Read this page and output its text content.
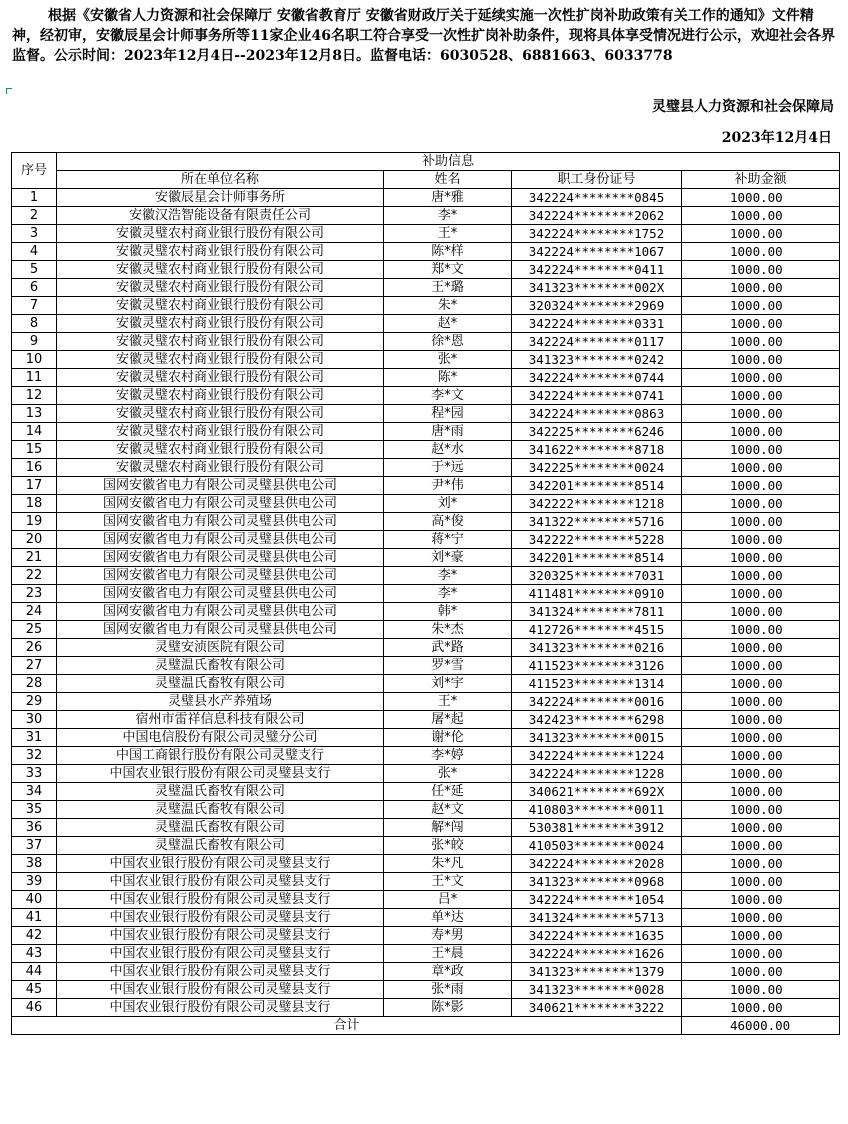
根据《安徽省人力资源和社会保障厅 安徽省教育厅 安徽省财政厅关于延续实施一次性扩岗补助政策有关工作的通知》文件精神，经初审，安徽辰星会计师事务所等11家企业46名职工符合享受一次性扩岗补助条件，现将具体享受情况进行公示，欢迎社会各界监督。公示时间：2023年12月4日--2023年12月8日。监督电话：6030528、6881663、6033778
灵璧县人力资源和社会保障局
2023年12月4日
序号	补助信息			
	所在单位名称	姓名	职工身份证号	补助金额
1	安徽辰星会计师事务所	唐*雅	342224********0845	1000.00
2	安徽汉浩智能设备有限责任公司	李*	342224********2062	1000.00
3	安徽灵璧农村商业银行股份有限公司	王*	342224********1752	1000.00
4	安徽灵璧农村商业银行股份有限公司	陈*样	342224********1067	1000.00
5	安徽灵璧农村商业银行股份有限公司	郑*文	342224********0411	1000.00
6	安徽灵璧农村商业银行股份有限公司	王*璐	341323********002X	1000.00
7	安徽灵璧农村商业银行股份有限公司	朱*	320324********2969	1000.00
8	安徽灵璧农村商业银行股份有限公司	赵*	342224********0331	1000.00
9	安徽灵璧农村商业银行股份有限公司	徐*恩	342224********0117	1000.00
10	安徽灵璧农村商业银行股份有限公司	张*	341323********0242	1000.00
11	安徽灵璧农村商业银行股份有限公司	陈*	342224********0744	1000.00
12	安徽灵璧农村商业银行股份有限公司	李*文	342224********0741	1000.00
13	安徽灵璧农村商业银行股份有限公司	程*园	342224********0863	1000.00
14	安徽灵璧农村商业银行股份有限公司	唐*雨	342225********6246	1000.00
15	安徽灵璧农村商业银行股份有限公司	赵*水	341622********8718	1000.00
16	安徽灵璧农村商业银行股份有限公司	于*远	342225********0024	1000.00
17	国网安徽省电力有限公司灵璧县供电公司	尹*伟	342201********8514	1000.00
18	国网安徽省电力有限公司灵璧县供电公司	刘*	342222********1218	1000.00
19	国网安徽省电力有限公司灵璧县供电公司	高*俊	341322********5716	1000.00
20	国网安徽省电力有限公司灵璧县供电公司	蒋*宁	342222********5228	1000.00
21	国网安徽省电力有限公司灵璧县供电公司	刘*豪	342201********8514	1000.00
22	国网安徽省电力有限公司灵璧县供电公司	李*	320325********7031	1000.00
23	国网安徽省电力有限公司灵璧县供电公司	李*	411481********0910	1000.00
24	国网安徽省电力有限公司灵璧县供电公司	韩*	341324********7811	1000.00
25	国网安徽省电力有限公司灵璧县供电公司	朱*杰	412726********4515	1000.00
26	灵璧安浈医院有限公司	武*路	341323********0216	1000.00
27	灵璧温氏畜牧有限公司	罗*雪	411523********3126	1000.00
28	灵璧温氏畜牧有限公司	刘*宇	411523********1314	1000.00
29	灵璧县水产养殖场	王*	342224********0016	1000.00
30	宿州市雷祥信息科技有限公司	屠*起	342423********6298	1000.00
31	中国电信股份有限公司灵璧分公司	谢*伦	341323********0015	1000.00
32	中国工商银行股份有限公司灵璧支行	李*婷	342224********1224	1000.00
33	中国农业银行股份有限公司灵璧县支行	张*	342224********1228	1000.00
34	灵璧温氏畜牧有限公司	任*延	340621********692X	1000.00
35	灵璧温氏畜牧有限公司	赵*文	410803********0011	1000.00
36	灵璧温氏畜牧有限公司	解*闯	530381********3912	1000.00
37	灵璧温氏畜牧有限公司	张*皎	410503********0024	1000.00
38	中国农业银行股份有限公司灵璧县支行	朱*凡	342224********2028	1000.00
39	中国农业银行股份有限公司灵璧县支行	王*文	341323********0968	1000.00
40	中国农业银行股份有限公司灵璧县支行	吕*	342224********1054	1000.00
41	中国农业银行股份有限公司灵璧县支行	单*达	341324********5713	1000.00
42	中国农业银行股份有限公司灵璧县支行	寿*男	342224********1635	1000.00
43	中国农业银行股份有限公司灵璧县支行	王*晨	342224********1626	1000.00
44	中国农业银行股份有限公司灵璧县支行	章*政	341323********1379	1000.00
45	中国农业银行股份有限公司灵璧县支行	张*雨	341323********0028	1000.00
46	中国农业银行股份有限公司灵璧县支行	陈*影	340621********3222	1000.00
合计				46000.00
